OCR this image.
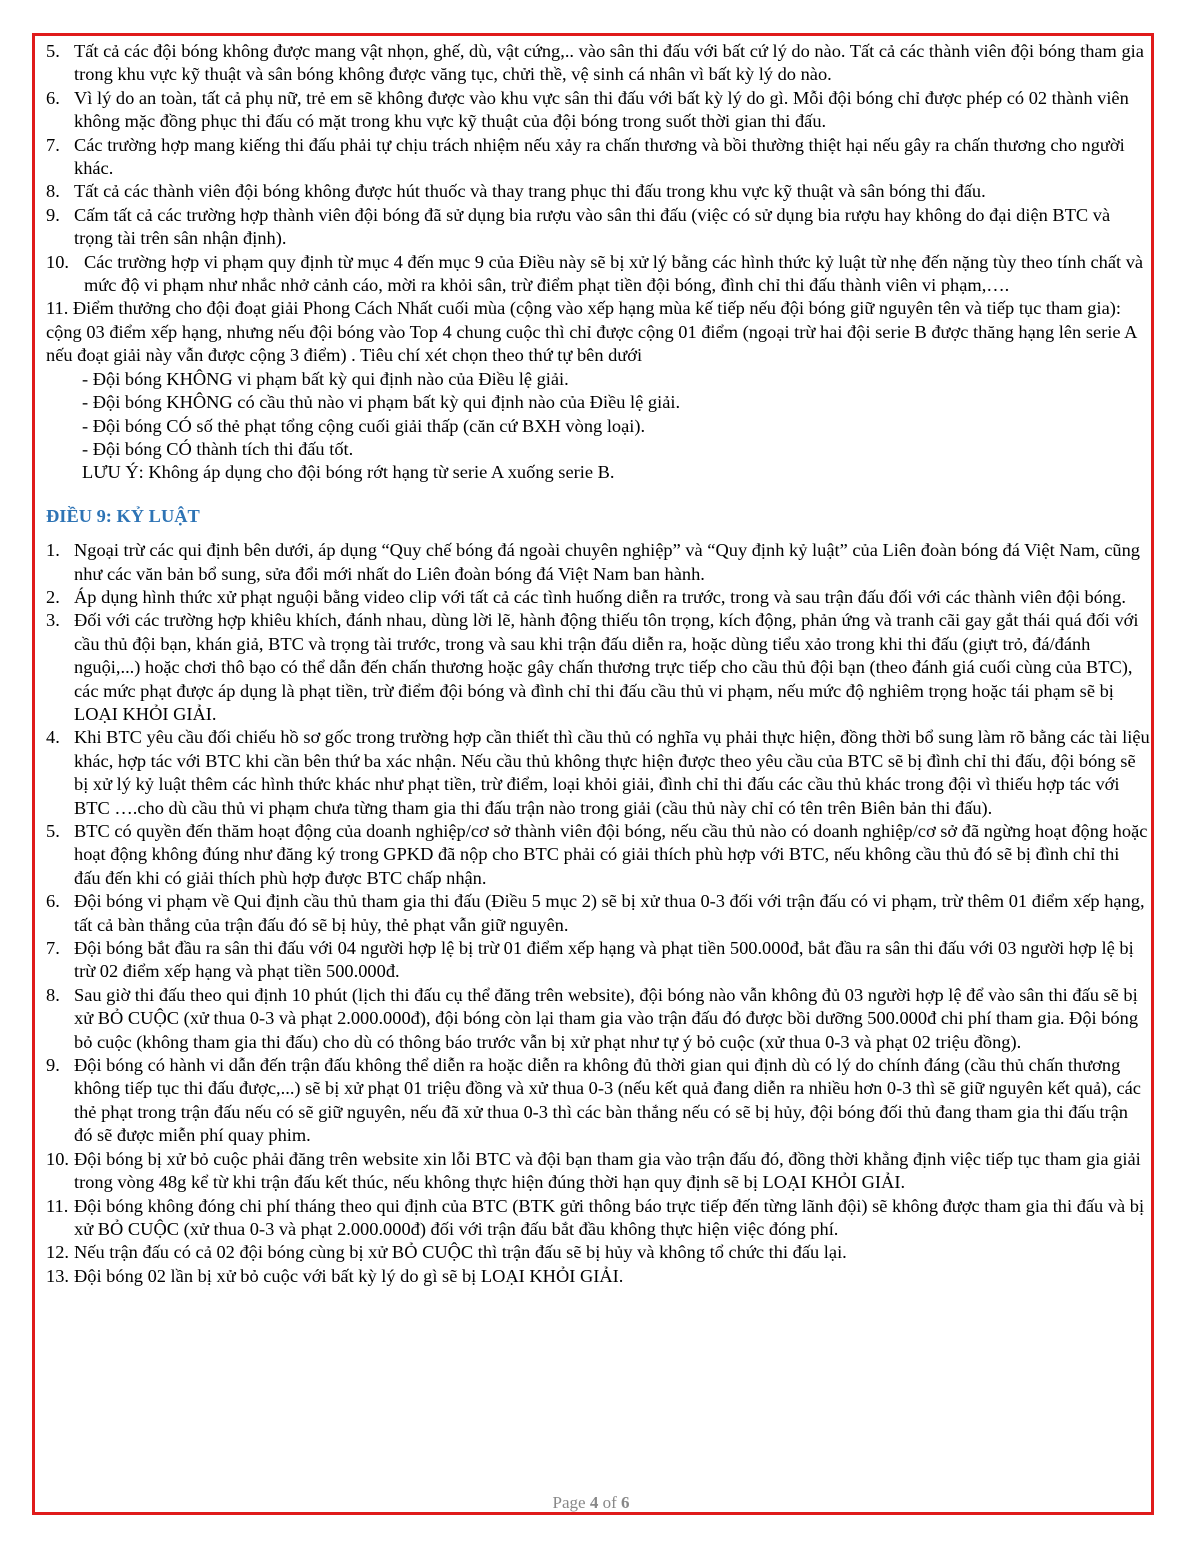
5. Tất cả các đội bóng không được mang vật nhọn, ghế, dù, vật cứng,.. vào sân thi đấu với bất cứ lý do nào. Tất cả các thành viên đội bóng tham gia trong khu vực kỹ thuật và sân bóng không được văng tục, chửi thề, vệ sinh cá nhân vì bất kỳ lý do nào.
6. Vì lý do an toàn, tất cả phụ nữ, trẻ em sẽ không được vào khu vực sân thi đấu với bất kỳ lý do gì. Mỗi đội bóng chỉ được phép có 02 thành viên không mặc đồng phục thi đấu có mặt trong khu vực kỹ thuật của đội bóng trong suốt thời gian thi đấu.
7. Các trường hợp mang kiếng thi đấu phải tự chịu trách nhiệm nếu xảy ra chấn thương và bồi thường thiệt hại nếu gây ra chấn thương cho người khác.
8. Tất cả các thành viên đội bóng không được hút thuốc và thay trang phục thi đấu trong khu vực kỹ thuật và sân bóng thi đấu.
9. Cấm tất cả các trường hợp thành viên đội bóng đã sử dụng bia rượu vào sân thi đấu (việc có sử dụng bia rượu hay không do đại diện BTC và trọng tài trên sân nhận định).
10. Các trường hợp vi phạm quy định từ mục 4 đến mục 9 của Điều này sẽ bị xử lý bằng các hình thức kỷ luật từ nhẹ đến nặng tùy theo tính chất và mức độ vi phạm như nhắc nhở cảnh cáo, mời ra khỏi sân, trừ điểm phạt tiền đội bóng, đình chỉ thi đấu thành viên vi phạm,….
11. Điểm thưởng cho đội đoạt giải Phong Cách Nhất cuối mùa (cộng vào xếp hạng mùa kế tiếp nếu đội bóng giữ nguyên tên và tiếp tục tham gia): cộng 03 điểm xếp hạng, nhưng nếu đội bóng vào Top 4 chung cuộc thì chỉ được cộng 01 điểm (ngoại trừ hai đội serie B được thăng hạng lên serie A nếu đoạt giải này vẫn được cộng 3 điểm) . Tiêu chí xét chọn theo thứ tự bên dưới
- Đội bóng KHÔNG vi phạm bất kỳ qui định nào của Điều lệ giải.
- Đội bóng KHÔNG có cầu thủ nào vi phạm bất kỳ qui định nào của Điều lệ giải.
- Đội bóng CÓ số thẻ phạt tổng cộng cuối giải thấp (căn cứ BXH vòng loại).
- Đội bóng CÓ thành tích thi đấu tốt.
LƯU Ý: Không áp dụng cho đội bóng rớt hạng từ serie A xuống serie B.
ĐIỀU 9: KỶ LUẬT
1. Ngoại trừ các qui định bên dưới, áp dụng “Quy chế bóng đá ngoài chuyên nghiệp” và “Quy định kỷ luật” của Liên đoàn bóng đá Việt Nam, cũng như các văn bản bổ sung, sửa đổi mới nhất do Liên đoàn bóng đá Việt Nam ban hành.
2. Áp dụng hình thức xử phạt nguội bằng video clip với tất cả các tình huống diễn ra trước, trong và sau trận đấu đối với các thành viên đội bóng.
3. Đối với các trường hợp khiêu khích, đánh nhau, dùng lời lẽ, hành động thiếu tôn trọng, kích động, phản ứng và tranh cãi gay gắt thái quá đối với cầu thủ đội bạn, khán giả, BTC và trọng tài trước, trong và sau khi trận đấu diễn ra, hoặc dùng tiểu xảo trong khi thi đấu (giựt trỏ, đá/đánh nguội,...) hoặc chơi thô bạo có thể dẫn đến chấn thương hoặc gây chấn thương trực tiếp cho cầu thủ đội bạn (theo đánh giá cuối cùng của BTC), các mức phạt được áp dụng là phạt tiền, trừ điểm đội bóng và đình chỉ thi đấu cầu thủ vi phạm, nếu mức độ nghiêm trọng hoặc tái phạm sẽ bị LOẠI KHỎI GIẢI.
4. Khi BTC yêu cầu đối chiếu hồ sơ gốc trong trường hợp cần thiết thì cầu thủ có nghĩa vụ phải thực hiện, đồng thời bổ sung làm rõ bằng các tài liệu khác, hợp tác với BTC khi cần bên thứ ba xác nhận. Nếu cầu thủ không thực hiện được theo yêu cầu của BTC sẽ bị đình chỉ thi đấu, đội bóng sẽ bị xử lý kỷ luật thêm các hình thức khác như phạt tiền, trừ điểm, loại khỏi giải, đình chỉ thi đấu các cầu thủ khác trong đội vì thiếu hợp tác với BTC ….cho dù cầu thủ vi phạm chưa từng tham gia thi đấu trận nào trong giải (cầu thủ này chỉ có tên trên Biên bản thi đấu).
5. BTC có quyền đến thăm hoạt động của doanh nghiệp/cơ sở thành viên đội bóng, nếu cầu thủ nào có doanh nghiệp/cơ sở đã ngừng hoạt động hoặc hoạt động không đúng như đăng ký trong GPKD đã nộp cho BTC phải có giải thích phù hợp với BTC, nếu không cầu thủ đó sẽ bị đình chỉ thi đấu đến khi có giải thích phù hợp được BTC chấp nhận.
6. Đội bóng vi phạm về Qui định cầu thủ tham gia thi đấu (Điều 5 mục 2) sẽ bị xử thua 0-3 đối với trận đấu có vi phạm, trừ thêm 01 điểm xếp hạng, tất cả bàn thắng của trận đấu đó sẽ bị hủy, thẻ phạt vẫn giữ nguyên.
7. Đội bóng bắt đầu ra sân thi đấu với 04 người hợp lệ bị trừ 01 điểm xếp hạng và phạt tiền 500.000đ, bắt đầu ra sân thi đấu với 03 người hợp lệ bị trừ 02 điểm xếp hạng và phạt tiền 500.000đ.
8. Sau giờ thi đấu theo qui định 10 phút (lịch thi đấu cụ thể đăng trên website), đội bóng nào vẫn không đủ 03 người hợp lệ để vào sân thi đấu sẽ bị xử BỎ CUỘC (xử thua 0-3 và phạt 2.000.000đ), đội bóng còn lại tham gia vào trận đấu đó được bồi dưỡng 500.000đ chi phí tham gia. Đội bóng bỏ cuộc (không tham gia thi đấu) cho dù có thông báo trước vẫn bị xử phạt như tự ý bỏ cuộc (xử thua 0-3 và phạt 02 triệu đồng).
9. Đội bóng có hành vi dẫn đến trận đấu không thể diễn ra hoặc diễn ra không đủ thời gian qui định dù có lý do chính đáng (cầu thủ chấn thương không tiếp tục thi đấu được,...) sẽ bị xử phạt 01 triệu đồng và xử thua 0-3 (nếu kết quả đang diễn ra nhiều hơn 0-3 thì sẽ giữ nguyên kết quả), các thẻ phạt trong trận đấu nếu có sẽ giữ nguyên, nếu đã xử thua 0-3 thì các bàn thắng nếu có sẽ bị hủy, đội bóng đối thủ đang tham gia thi đấu trận đó sẽ được miễn phí quay phim.
10. Đội bóng bị xử bỏ cuộc phải đăng trên website xin lỗi BTC và đội bạn tham gia vào trận đấu đó, đồng thời khẳng định việc tiếp tục tham gia giải trong vòng 48g kể từ khi trận đấu kết thúc, nếu không thực hiện đúng thời hạn quy định sẽ bị LOẠI KHỎI GIẢI.
11. Đội bóng không đóng chi phí tháng theo qui định của BTC (BTK gửi thông báo trực tiếp đến từng lãnh đội) sẽ không được tham gia thi đấu và bị xử BỎ CUỘC (xử thua 0-3 và phạt 2.000.000đ) đối với trận đấu bắt đầu không thực hiện việc đóng phí.
12. Nếu trận đấu có cả 02 đội bóng cùng bị xử BỎ CUỘC thì trận đấu sẽ bị hủy và không tổ chức thi đấu lại.
13. Đội bóng 02 lần bị xử bỏ cuộc với bất kỳ lý do gì sẽ bị LOẠI KHỎI GIẢI.
Page 4 of 6
